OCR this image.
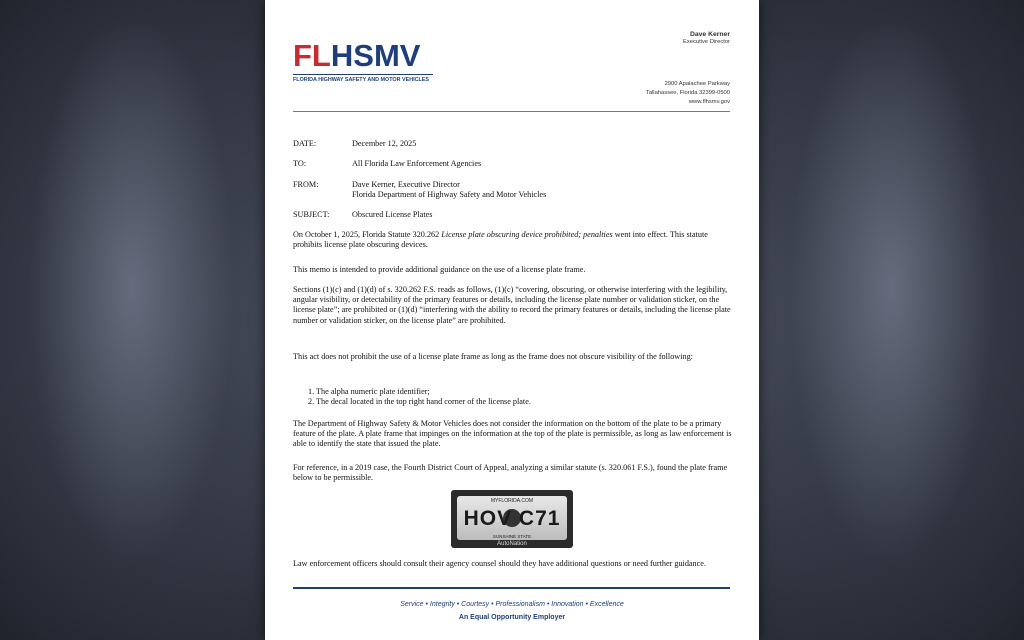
FLHSMV
FLORIDA HIGHWAY SAFETY AND MOTOR VEHICLES
Dave Kerner
Executive Director
2900 Apalachee Parkway
Tallahassee, Florida 32399-0500
www.flhsmv.gov
DATE:	December 12, 2025
TO:	All Florida Law Enforcement Agencies
FROM:	Dave Kerner, Executive Director
Florida Department of Highway Safety and Motor Vehicles
SUBJECT:	Obscured License Plates
On October 1, 2025, Florida Statute 320.262 License plate obscuring device prohibited; penalties went into effect. This statute prohibits license plate obscuring devices.
This memo is intended to provide additional guidance on the use of a license plate frame.
Sections (1)(c) and (1)(d) of s. 320.262 F.S. reads as follows, (1)(c) “covering, obscuring, or otherwise interfering with the legibility, angular visibility, or detectability of the primary features or details, including the license plate number or validation sticker, on the license plate”; are prohibited or (1)(d) “interfering with the ability to record the primary features or details, including the license plate number or validation sticker, on the license plate” are prohibited.
This act does not prohibit the use of a license plate frame as long as the frame does not obscure visibility of the following:
1. The alpha numeric plate identifier;
2. The decal located in the top right hand corner of the license plate.
The Department of Highway Safety & Motor Vehicles does not consider the information on the bottom of the plate to be a primary feature of the plate. A plate frame that impinges on the information at the top of the plate is permissible, as long as law enforcement is able to identify the state that issued the plate.
For reference, in a 2019 case, the Fourth District Court of Appeal, analyzing a similar statute (s. 320.061 F.S.), found the plate frame below to be permissible.
MYFLORIDA.COM
HOV C71
SUNSHINE STATE
AutoNation
Law enforcement officers should consult their agency counsel should they have additional questions or need further guidance.
Service • Integrity • Courtesy • Professionalism • Innovation • Excellence
An Equal Opportunity Employer
